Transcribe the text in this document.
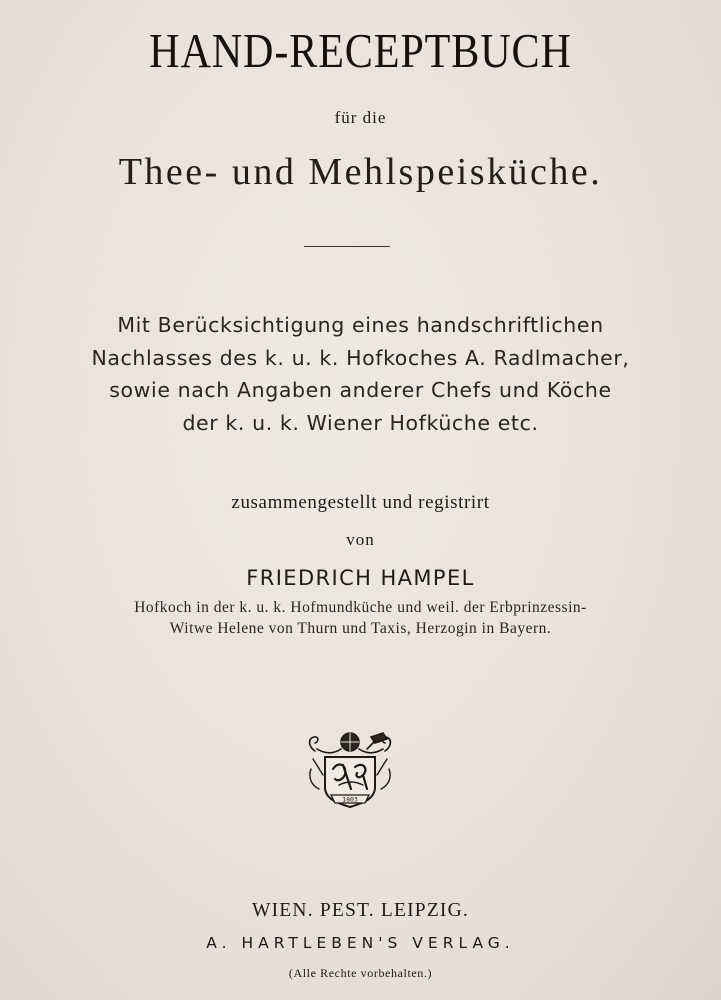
HAND-RECEPTBUCH
für die
Thee- und Mehlspeisküche.
Mit Berücksichtigung eines handschriftlichen
Nachlasses des k. u. k. Hofkoches A. Radlmacher,
sowie nach Angaben anderer Chefs und Köche
der k. u. k. Wiener Hofküche etc.
zusammengestellt und registrirt
von
FRIEDRICH HAMPEL
Hofkoch in der k. u. k. Hofmundküche und weil. der Erbprinzessin-
Witwe Helene von Thurn und Taxis, Herzogin in Bayern.
1803
WIEN. PEST. LEIPZIG.
A. HARTLEBEN'S VERLAG.
(Alle Rechte vorbehalten.)
